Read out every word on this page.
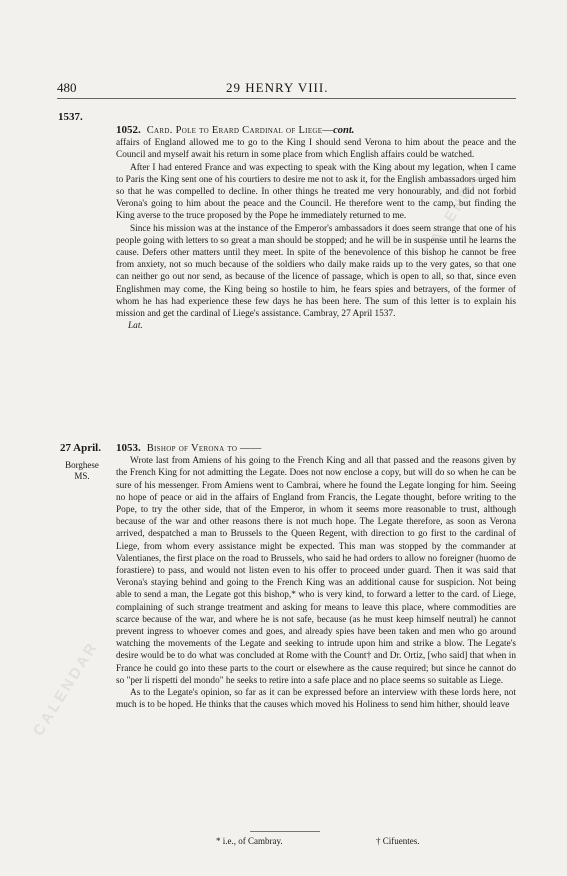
480	29 HENRY VIII.
1537.
27 April.
Borghese MS.
1052. Card. Pole to Erard Cardinal of Liege—cont.

affairs of England allowed me to go to the King I should send Verona to him about the peace and the Council and myself await his return in some place from which English affairs could be watched.

After I had entered France and was expecting to speak with the King about my legation, when I came to Paris the King sent one of his courtiers to desire me not to ask it, for the English ambassadors urged him so that he was compelled to decline. In other things he treated me very honourably, and did not forbid Verona's going to him about the peace and the Council. He therefore went to the camp, but finding the King averse to the truce proposed by the Pope he immediately returned to me.

Since his mission was at the instance of the Emperor's ambassadors it does seem strange that one of his people going with letters to so great a man should be stopped; and he will be in suspense until he learns the cause. Defers other matters until they meet. In spite of the benevolence of this bishop he cannot be free from anxiety, not so much because of the soldiers who daily make raids up to the very gates, so that one can neither go out nor send, as because of the licence of passage, which is open to all, so that, since even Englishmen may come, the King being so hostile to him, he fears spies and betrayers, of the former of whom he has had experience these few days he has been here. The sum of this letter is to explain his mission and get the cardinal of Liege's assistance. Cambray, 27 April 1537.

Lat.
1053. Bishop of Verona to ——

Wrote last from Amiens of his going to the French King and all that passed and the reasons given by the French King for not admitting the Legate. Does not now enclose a copy, but will do so when he can be sure of his messenger. From Amiens went to Cambrai, where he found the Legate longing for him. Seeing no hope of peace or aid in the affairs of England from Francis, the Legate thought, before writing to the Pope, to try the other side, that of the Emperor, in whom it seems more reasonable to trust, although because of the war and other reasons there is not much hope. The Legate therefore, as soon as Verona arrived, despatched a man to Brussels to the Queen Regent, with direction to go first to the cardinal of Liege, from whom every assistance might be expected. This man was stopped by the commander at Valentianes, the first place on the road to Brussels, who said he had orders to allow no foreigner (huomo de forastiere) to pass, and would not listen even to his offer to proceed under guard. Then it was said that Verona's staying behind and going to the French King was an additional cause for suspicion. Not being able to send a man, the Legate got this bishop,* who is very kind, to forward a letter to the card. of Liege, complaining of such strange treatment and asking for means to leave this place, where commodities are scarce because of the war, and where he is not safe, because (as he must keep himself neutral) he cannot prevent ingress to whoever comes and goes, and already spies have been taken and men who go around watching the movements of the Legate and seeking to intrude upon him and strike a blow. The Legate's desire would be to do what was concluded at Rome with the Count† and Dr. Ortiz, [who said] that when in France he could go into these parts to the court or elsewhere as the cause required; but since he cannot do so "per li rispetti del mondo" he seeks to retire into a safe place and no place seems so suitable as Liege.

As to the Legate's opinion, so far as it can be expressed before an interview with these lords here, not much is to be hoped. He thinks that the causes which moved his Holiness to send him hither, should leave

* i.e., of Cambray.	† Cifuentes.
CALENDAR
CALENDAR
